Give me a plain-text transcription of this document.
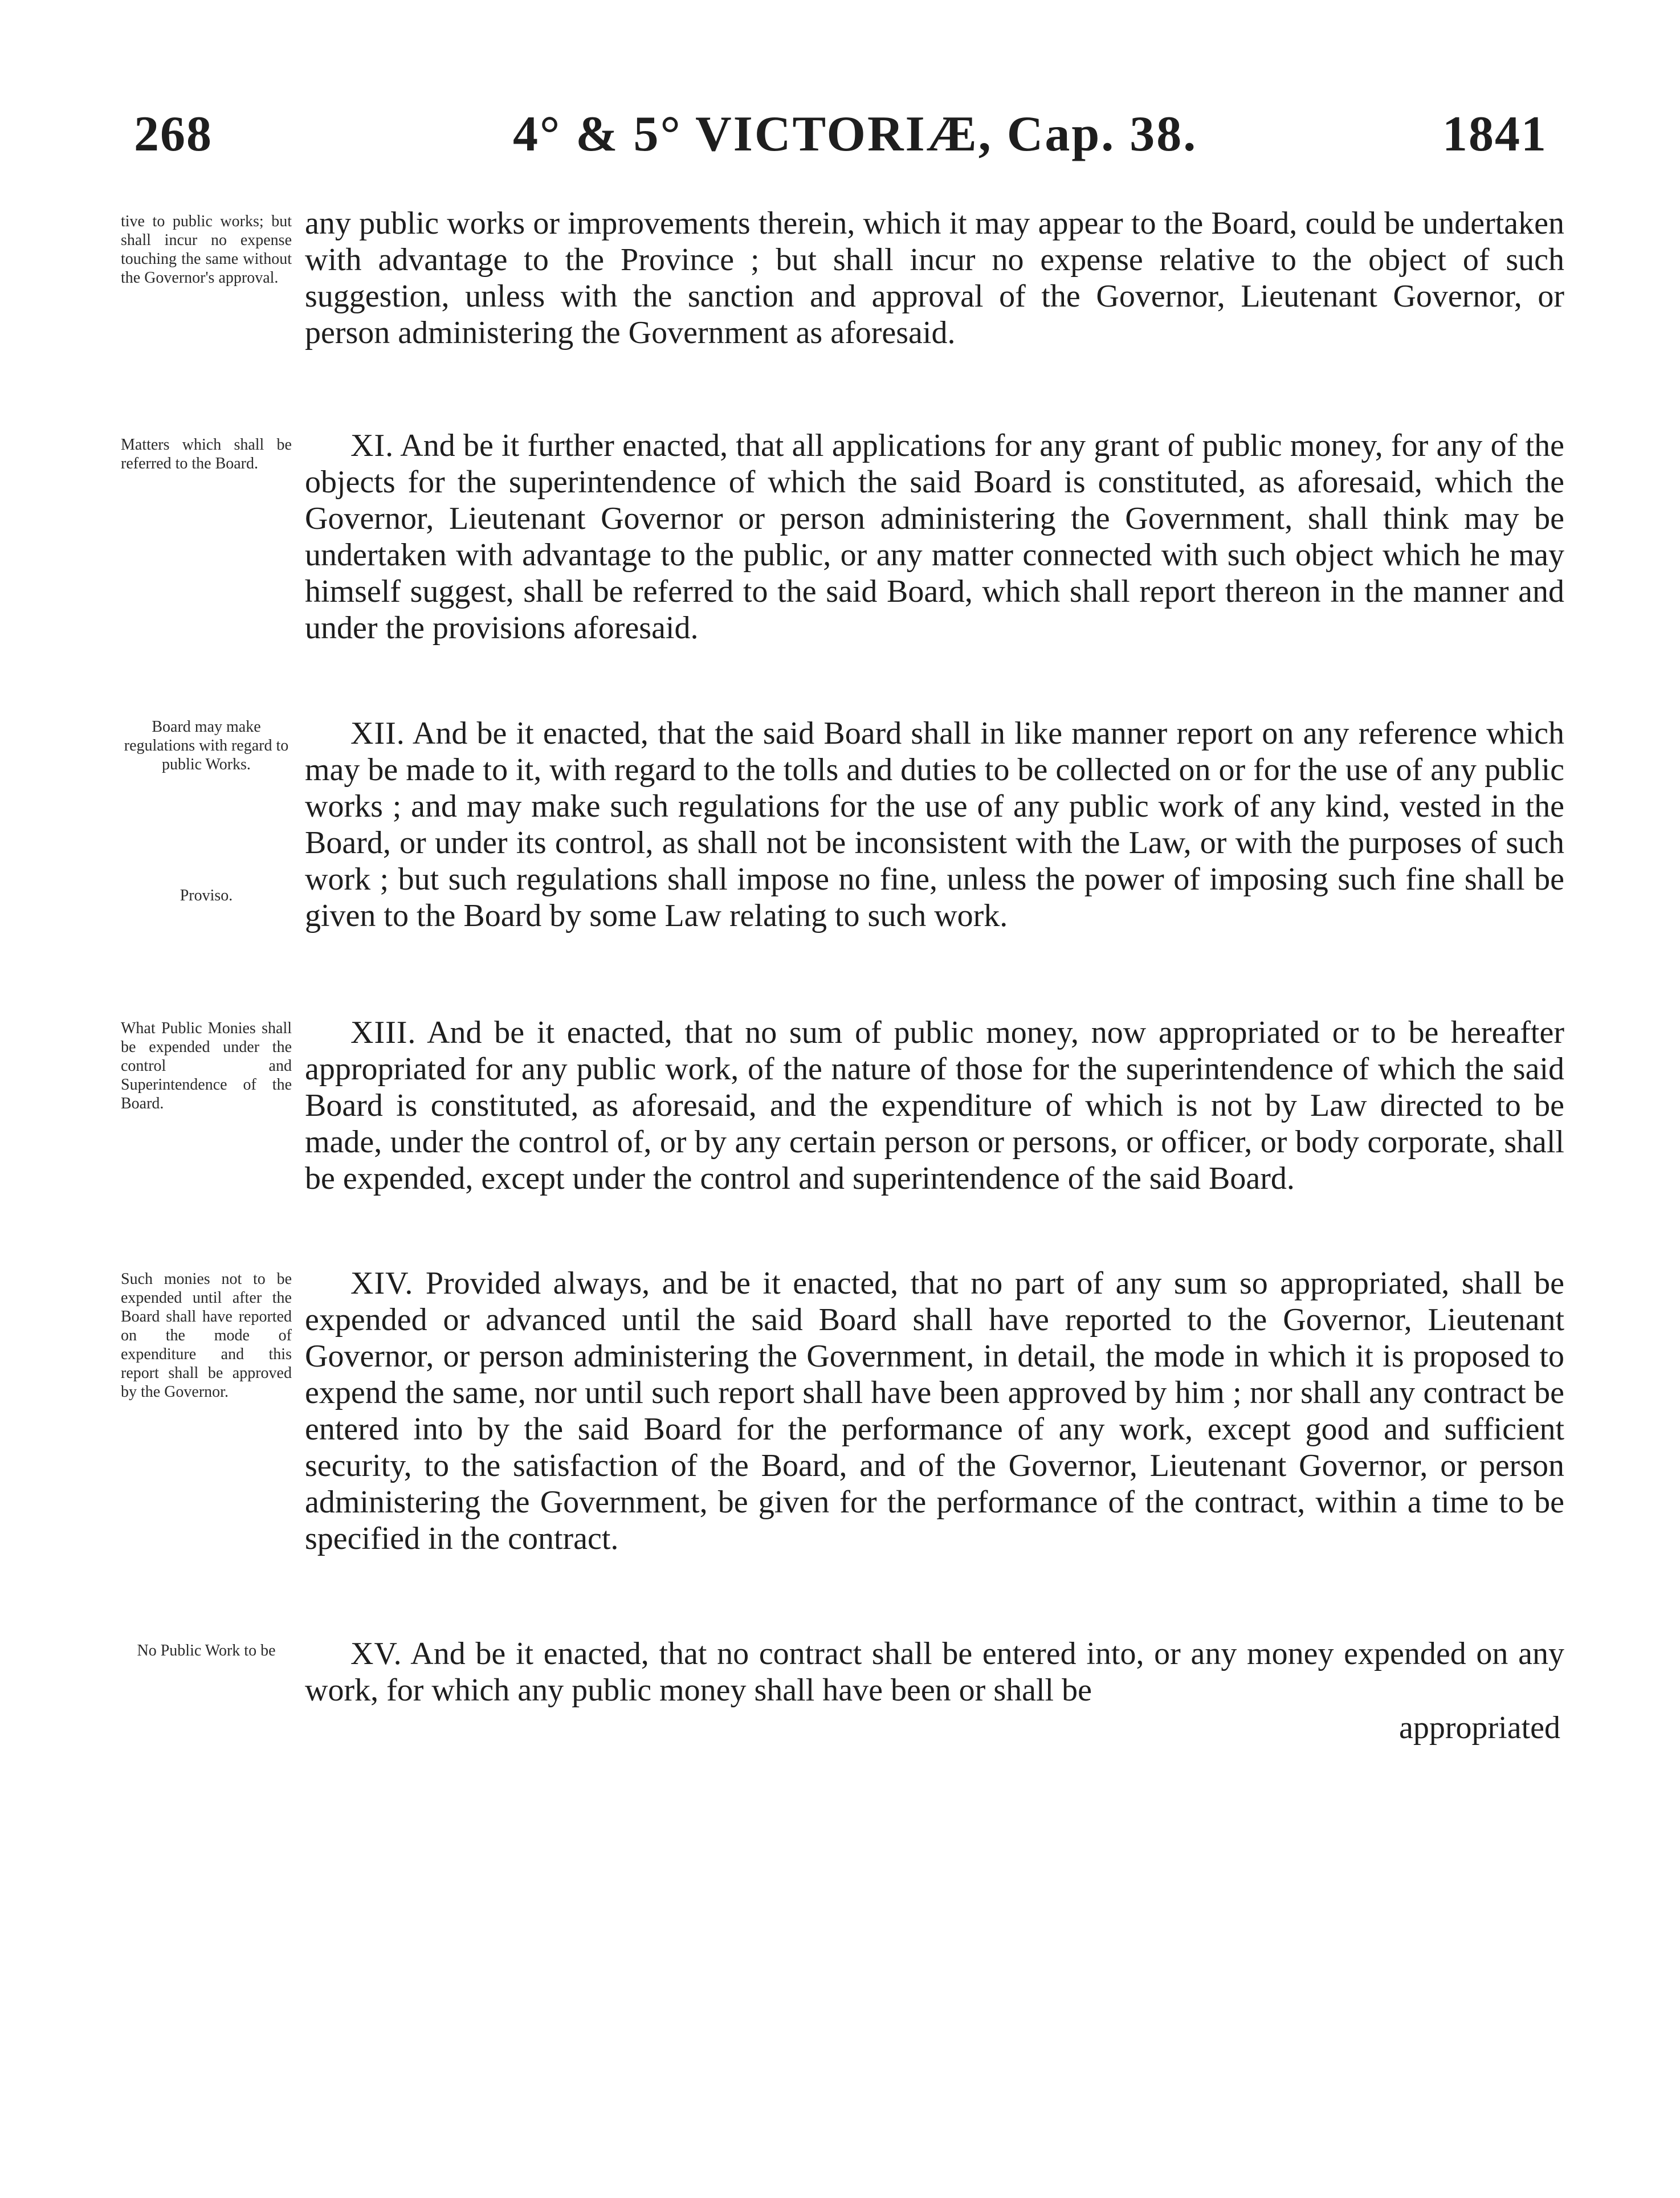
268	4° & 5° VICTORIÆ, Cap. 38.	1841
tive to public works; but shall incur no expense touching the same without the Governor's approval.
any public works or improvements therein, which it may appear to the Board, could be undertaken with advantage to the Province ; but shall incur no expense relative to the object of such suggestion, unless with the sanction and approval of the Governor, Lieutenant Governor, or person administering the Government as aforesaid.
Matters which shall be referred to the Board.
XI. And be it further enacted, that all applications for any grant of public money, for any of the objects for the superintendence of which the said Board is constituted, as aforesaid, which the Governor, Lieutenant Governor or person administering the Government, shall think may be undertaken with advantage to the public, or any matter connected with such object which he may himself suggest, shall be referred to the said Board, which shall report thereon in the manner and under the provisions aforesaid.
Board may make regulations with regard to public Works.
Proviso.
XII. And be it enacted, that the said Board shall in like manner report on any reference which may be made to it, with regard to the tolls and duties to be collected on or for the use of any public works ; and may make such regulations for the use of any public work of any kind, vested in the Board, or under its control, as shall not be inconsistent with the Law, or with the purposes of such work ; but such regulations shall impose no fine, unless the power of imposing such fine shall be given to the Board by some Law relating to such work.
What Public Monies shall be expended under the control and Superintendence of the Board.
XIII. And be it enacted, that no sum of public money, now appropriated or to be hereafter appropriated for any public work, of the nature of those for the superintendence of which the said Board is constituted, as aforesaid, and the expenditure of which is not by Law directed to be made, under the control of, or by any certain person or persons, or officer, or body corporate, shall be expended, except under the control and superintendence of the said Board.
Such monies not to be expended until after the Board shall have reported on the mode of expenditure and this report shall be approved by the Governor.
XIV. Provided always, and be it enacted, that no part of any sum so appropriated, shall be expended or advanced until the said Board shall have reported to the Governor, Lieutenant Governor, or person administering the Government, in detail, the mode in which it is proposed to expend the same, nor until such report shall have been approved by him ; nor shall any contract be entered into by the said Board for the performance of any work, except good and sufficient security, to the satisfaction of the Board, and of the Governor, Lieutenant Governor, or person administering the Government, be given for the performance of the contract, within a time to be specified in the contract.
No Public Work to be	XV. And be it enacted, that no contract shall be entered into, or any money expended on any work, for which any public money shall have been or shall be
appropriated
